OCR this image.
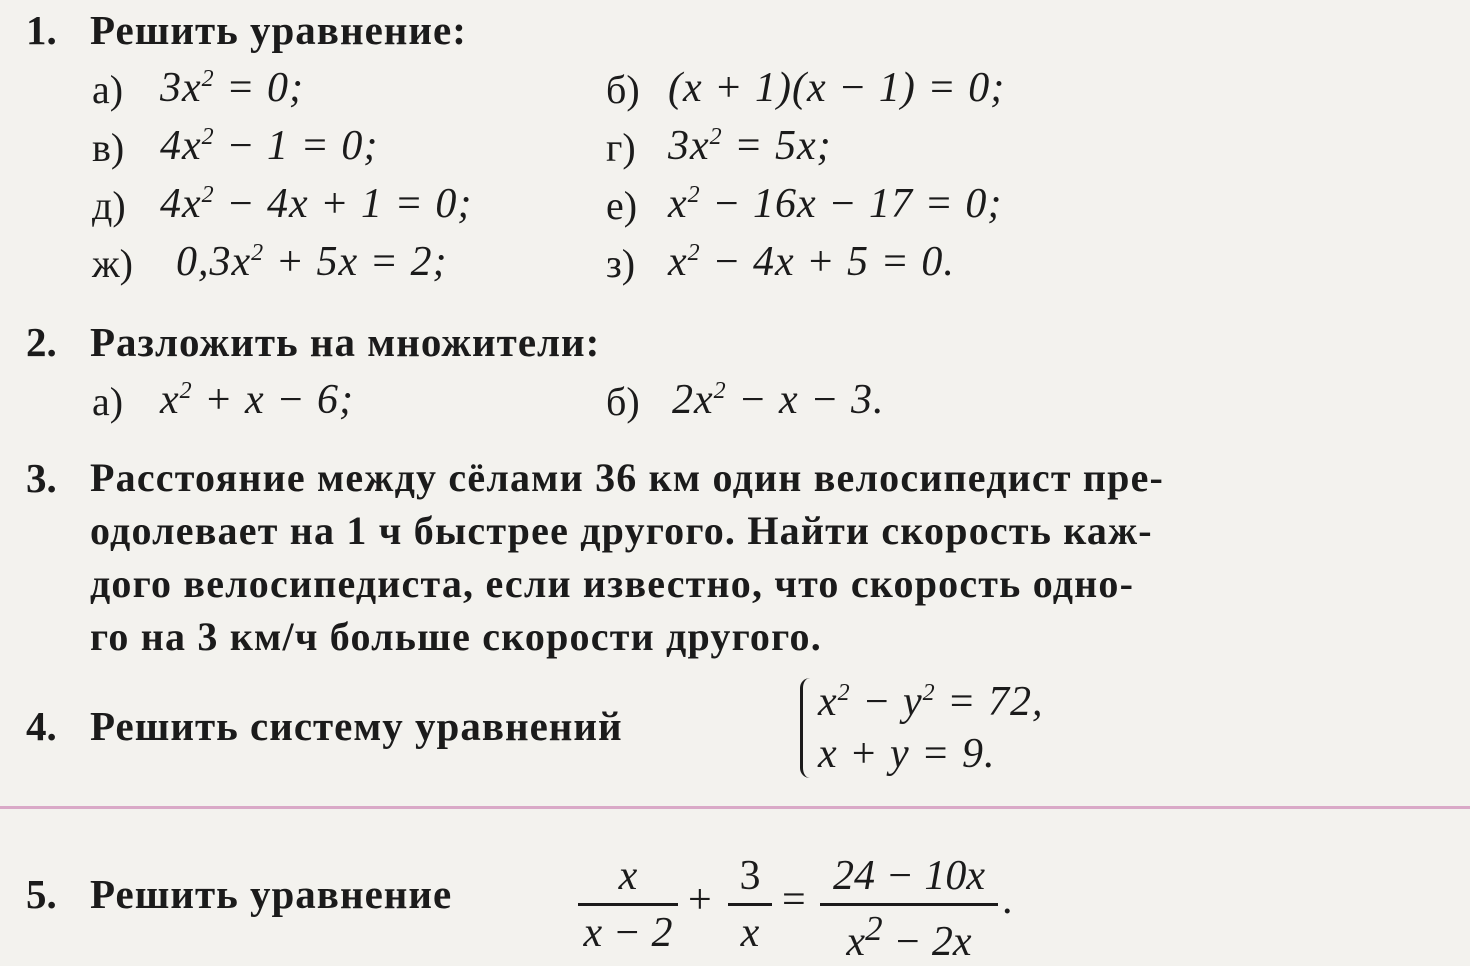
1. Решить уравнение:
а) $3x^2 = 0$;	б) (x + 1)(x − 1) = 0;
в) $4x^2 - 1 = 0$;	г) $3x^2 = 5x$;
д) $4x^2 - 4x + 1 = 0$;	е) $x^2 - 16x - 17 = 0$;
ж) $0,3x^2 + 5x = 2$;	з) $x^2 - 4x + 5 = 0$.
2. Разложить на множители:
а) $x^2 + x - 6$;	б) $2x^2 - x - 3$.
3. Расстояние между сёлами 36 км один велосипедист пре-
одолевает на 1 ч быстрее другого. Найти скорость каж-
дого велосипедиста, если известно, что скорость одно-
го на 3 км/ч больше скорости другого.
4. Решить систему уравнений
$x^2 - y^2 = 72$,
x + y = 9.
5. Решить уравнение	x
x − 2
+
3
x
=
24 − 10x
$x^2 - 2x$
.
